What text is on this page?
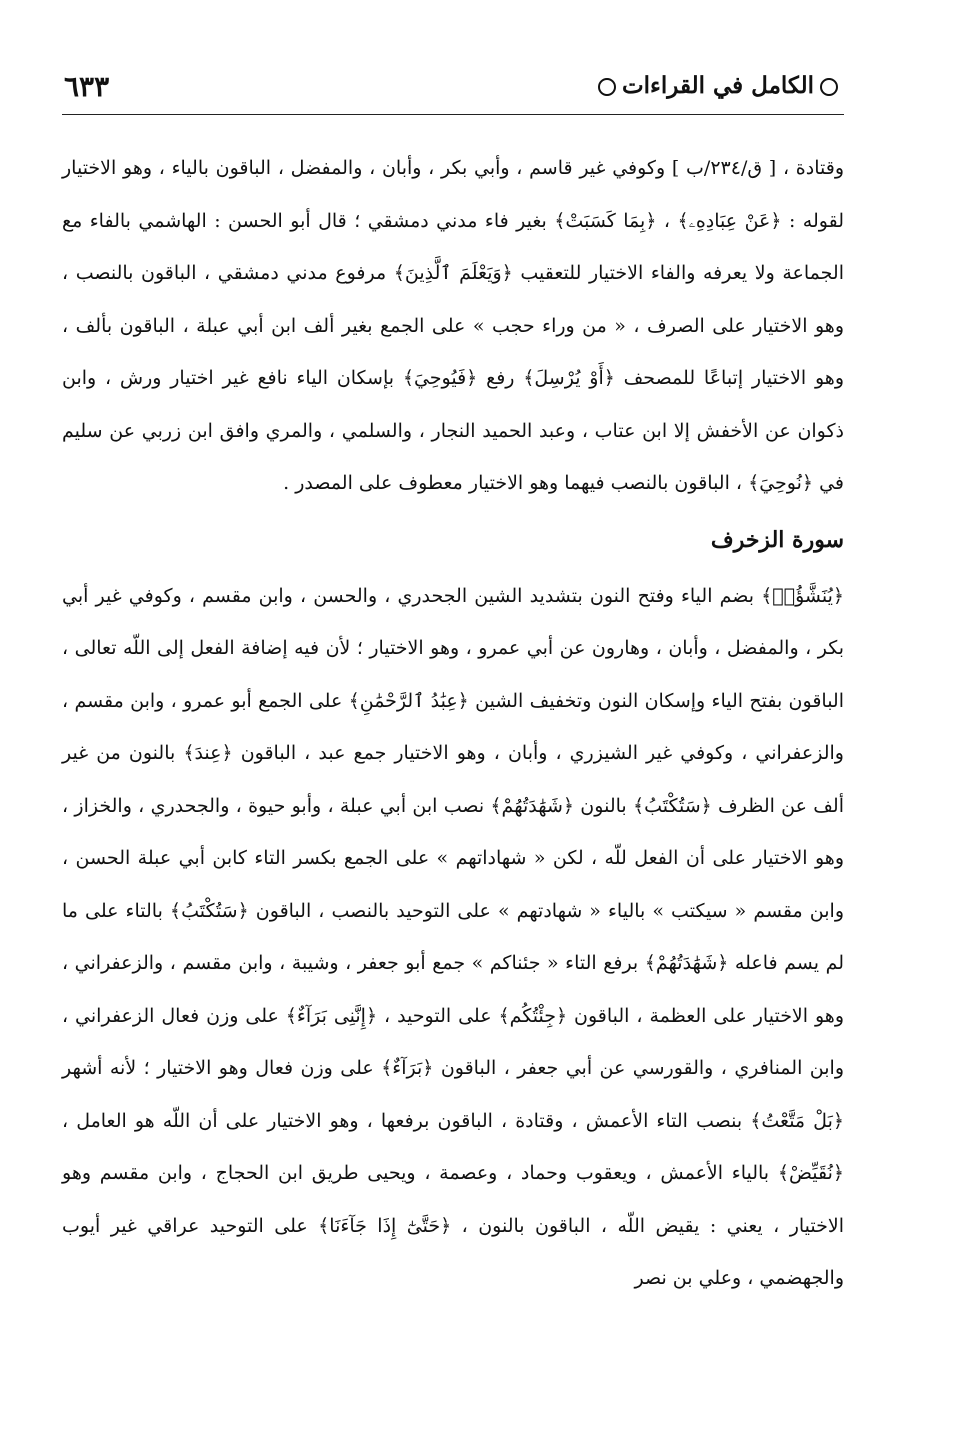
الكامل في القراءات
٦٣٣

وقتادة ، [ ق/٢٣٤/ب ] وكوفي غير قاسم ، وأبي بكر ، وأبان ، والمفضل ، الباقون بالياء ، وهو الاختيار لقوله : ﴿عَنْ عِبَادِهِۦ﴾ ، ﴿بِمَا كَسَبَتْ﴾ بغير فاء مدني دمشقي ؛ قال أبو الحسن : الهاشمي بالفاء مع الجماعة ولا يعرفه والفاء الاختيار للتعقيب ﴿وَيَعْلَمَ ٱلَّذِينَ﴾ مرفوع مدني دمشقي ، الباقون بالنصب ، وهو الاختيار على الصرف ، « من وراء حجب » على الجمع بغير ألف ابن أبي عبلة ، الباقون بألف ، وهو الاختيار إتباعًا للمصحف ﴿أَوْ يُرْسِلَ﴾ رفع ﴿فَيُوحِيَ﴾ بإسكان الياء نافع غير اختيار ورش ، وابن ذكوان عن الأخفش إلا ابن عتاب ، وعبد الحميد النجار ، والسلمي ، والمري وافق ابن زربي عن سليم في ﴿نُوحِيَ﴾ ، الباقون بالنصب فيهما وهو الاختيار معطوف على المصدر .

سورة الزخرف

﴿يُنَشَّؤُا۟﴾ بضم الياء وفتح النون بتشديد الشين الجحدري ، والحسن ، وابن مقسم ، وكوفي غير أبي بكر ، والمفضل ، وأبان ، وهارون عن أبي عمرو ، وهو الاختيار ؛ لأن فيه إضافة الفعل إلى اللّه تعالى ، الباقون بفتح الياء وإسكان النون وتخفيف الشين ﴿عِبَٰدُ ٱلرَّحْمَٰنِ﴾ على الجمع أبو عمرو ، وابن مقسم ، والزعفراني ، وكوفي غير الشيزري ، وأبان ، وهو الاختيار جمع عبد ، الباقون ﴿عِندَ﴾ بالنون من غير ألف عن الظرف ﴿سَتُكْتَبُ﴾ بالنون ﴿شَهَٰدَتُهُمْ﴾ نصب ابن أبي عبلة ، وأبو حيوة ، والجحدري ، والخزاز ، وهو الاختيار على أن الفعل للّه ، لكن « شهاداتهم » على الجمع بكسر التاء كابن أبي عبلة الحسن ، وابن مقسم « سيكتب » بالياء « شهادتهم » على التوحيد بالنصب ، الباقون ﴿سَتُكْتَبُ﴾ بالتاء على ما لم يسم فاعله ﴿شَهَٰدَتُهُمْ﴾ برفع التاء « جئناكم » جمع أبو جعفر ، وشيبة ، وابن مقسم ، والزعفراني ، وهو الاختيار على العظمة ، الباقون ﴿جِئْتُكُم﴾ على التوحيد ، ﴿إِنَّنِى بَرَآءٌ﴾ على وزن فعال الزعفراني ، وابن المنافري ، والقورسي عن أبي جعفر ، الباقون ﴿بَرَآءٌ﴾ على وزن فعال وهو الاختيار ؛ لأنه أشهر ﴿بَلْ مَتَّعْتُ﴾ بنصب التاء الأعمش ، وقتادة ، الباقون برفعها ، وهو الاختيار على أن اللّه هو العامل ، ﴿نُقَيِّضْ﴾ بالياء الأعمش ، ويعقوب وحماد ، وعصمة ، ويحيى طريق ابن الحجاج ، وابن مقسم وهو الاختيار ، يعني : يقيض اللّه ، الباقون بالنون ، ﴿حَتَّىٰٓ إِذَا جَآءَنَا﴾ على التوحيد عراقي غير أيوب والجهضمي ، وعلي بن نصر
